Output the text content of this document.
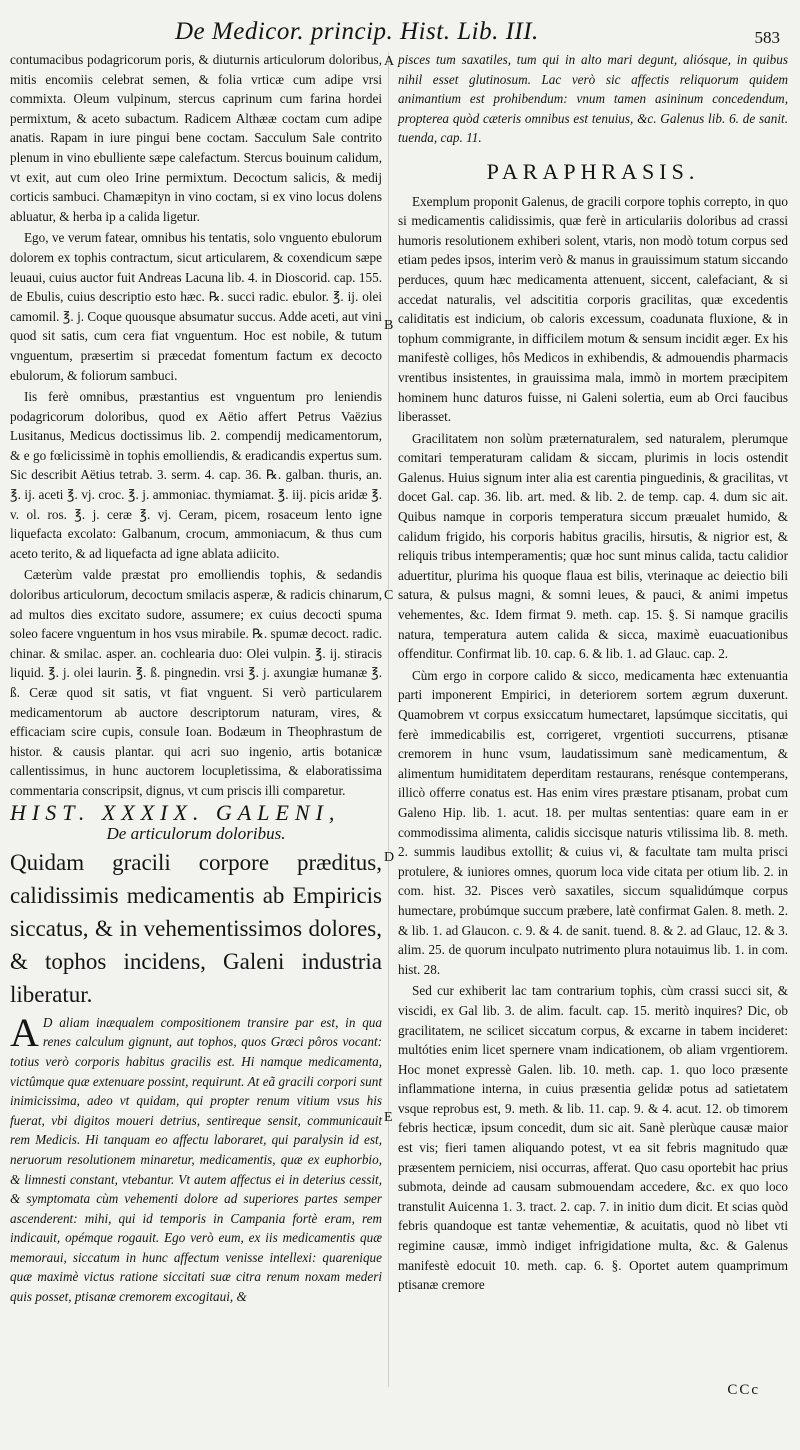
De Medicor. princip. Hist. Lib. III.	583
A
B
C
D
E

contumacibus podagricorum poris, & diuturnis articulorum doloribus, mitis encomiis celebrat semen, & folia vrticæ cum adipe vrsi commixta. Oleum vulpinum, stercus caprinum cum farina hordei permixtum, & aceto subactum. Radicem Althææ coctam cum adipe anatis. Rapam in iure pingui bene coctam. Sacculum Sale contrito plenum in vino ebulliente sæpe calefactum. Stercus bouinum calidum, vt exit, aut cum oleo Irine permixtum. Decoctum salicis, & medij corticis sambuci. Chamæpityn in vino coctam, si ex vino locus dolens abluatur, & herba ip a calida ligetur.

Ego, ve verum fatear, omnibus his tentatis, solo vnguento ebulorum dolorem ex tophis contractum, sicut articularem, & coxendicum sæpe leuaui, cuius auctor fuit Andreas Lacuna lib. 4. in Dioscorid. cap. 155. de Ebulis, cuius descriptio esto hæc. ℞. succi radic. ebulor. ℥. ij. olei camomil. ℥. j. Coque quousque absumatur succus. Adde aceti, aut vini quod sit satis, cum cera fiat vnguentum. Hoc est nobile, & tutum vnguentum, præsertim si præcedat fomentum factum ex decocto ebulorum, & foliorum sambuci.

Iis ferè omnibus, præstantius est vnguentum pro leniendis podagricorum doloribus, quod ex Aëtio affert Petrus Vaëzius Lusitanus, Medicus doctissimus lib. 2. compendij medicamentorum, & e go fœlicissimè in tophis emolliendis, & eradicandis expertus sum. Sic describit Aëtius tetrab. 3. serm. 4. cap. 36. ℞. galban. thuris, an. ℥. ij. aceti ℥. vj. croc. ℥. j. ammoniac. thymiamat. ℥. iij. picis aridæ ℥. v. ol. ros. ℥. j. ceræ ℥. vj. Ceram, picem, rosaceum lento igne liquefacta excolato: Galbanum, crocum, ammoniacum, & thus cum aceto terito, & ad liquefacta ad igne ablata adiicito.

Cæterùm valde præstat pro emolliendis tophis, & sedandis doloribus articulorum, decoctum smilacis asperæ, & radicis chinarum, ad multos dies excitato sudore, assumere; ex cuius decocti spuma soleo facere vnguentum in hos vsus mirabile. ℞. spumæ decoct. radic. chinar. & smilac. asper. an. cochlearia duo: Olei vulpin. ℥. ij. stiracis liquid. ℥. j. olei laurin. ℥. ß. pingnedin. vrsi ℥. j. axungiæ humanæ ℥. ß. Ceræ quod sit satis, vt fiat vnguent. Si verò particularem medicamentorum ab auctore descriptorum naturam, vires, & efficaciam scire cupis, consule Ioan. Bodæum in Theophrastum de histor. & causis plantar. qui acri suo ingenio, artis botanicæ callentissimus, in hunc auctorem locupletissima, & elaboratissima commentaria conscripsit, dignus, vt cum priscis illi comparetur.

HIST. XXXIX. GALENI,

De articulorum doloribus.

Quidam gracili corpore præditus, calidissimis medicamentis ab Empiricis siccatus, & in vehementissimos dolores, & tophos incidens, Galeni industria liberatur.

A D aliam inæqualem compositionem transire par est, in qua renes calculum gignunt, aut tophos, quos Græci pôros vocant: totius verò corporis habitus gracilis est. Hi namque medicamenta, victûmque quæ extenuare possint, requirunt. At eã gracili corpori sunt inimicissima, adeo vt quidam, qui propter renum vitium vsus his fuerat, vbi digitos moueri detrius, sentireque sensit, communicauit rem Medicis. Hi tanquam eo affectu laboraret, qui paralysin id est, neruorum resolutionem minaretur, medicamentis, quæ ex euphorbio, & limnesti constant, vtebantur. Vt autem affectus ei in deterius cessit, & symptomata cùm vehementi dolore ad superiores partes semper ascenderent: mihi, qui id temporis in Campania fortè eram, rem indicauit, opémque rogauit. Ego verò eum, ex iis medicamentis quæ memoraui, siccatum in hunc affectum venisse intellexi: quarenique quæ maximè victus ratione siccitati suæ citra renum noxam mederi quis posset, ptisanæ cremorem excogitaui, &

pisces tum saxatiles, tum qui in alto mari degunt, aliósque, in quibus nihil esset glutinosum. Lac verò sic affectis reliquorum quidem animantium est prohibendum: vnum tamen asininum concedendum, propterea quòd cæteris omnibus est tenuius, &c. Galenus lib. 6. de sanit. tuenda, cap. 11.

PARAPHRASIS.

Exemplum proponit Galenus, de gracili corpore tophis correpto, in quo si medicamentis calidissimis, quæ ferè in articulariis doloribus ad crassi humoris resolutionem exhiberi solent, vtaris, non modò totum corpus sed etiam pedes ipsos, interim verò & manus in grauissimum statum siccando perduces, quum hæc medicamenta attenuent, siccent, calefaciant, & si accedat naturalis, vel adscititia corporis gracilitas, quæ excedentis caliditatis est indicium, ob caloris excessum, coadunata fluxione, & in tophum commigrante, in difficilem motum & sensum incidit æger. Ex his manifestè colliges, hôs Medicos in exhibendis, & admouendis pharmacis vrentibus insistentes, in grauissima mala, immò in mortem præcipitem hominem hunc daturos fuisse, ni Galeni solertia, eum ab Orci faucibus liberasset.

Gracilitatem non solùm præternaturalem, sed naturalem, plerumque comitari temperaturam calidam & siccam, plurimis in locis ostendit Galenus. Huius signum inter alia est carentia pinguedinis, & gracilitas, vt docet Gal. cap. 36. lib. art. med. & lib. 2. de temp. cap. 4. dum sic ait. Quibus namque in corporis temperatura siccum præualet humido, & calidum frigido, his corporis habitus gracilis, hirsutis, & nigrior est, & reliquis tribus intemperamentis; quæ hoc sunt minus calida, tactu calidior aduertitur, plurima his quoque flaua est bilis, vterinaque ac deiectio bili satura, & pulsus magni, & somni leues, & pauci, & animi impetus vehementes, &c. Idem firmat 9. meth. cap. 15. §. Si namque gracilis natura, temperatura autem calida & sicca, maximè euacuationibus offenditur. Confirmat lib. 10. cap. 6. & lib. 1. ad Glauc. cap. 2.

Cùm ergo in corpore calido & sicco, medicamenta hæc extenuantia parti imponerent Empirici, in deteriorem sortem ægrum duxerunt. Quamobrem vt corpus exsiccatum humectaret, lapsúmque siccitatis, qui ferè immedicabilis est, corrigeret, vrgentioti succurrens, ptisanæ cremorem in hunc vsum, laudatissimum sanè medicamentum, & alimentum humiditatem deperditam restaurans, renésque contemperans, illicò offerre conatus est. Has enim vires præstare ptisanam, probat cum Galeno Hip. lib. 1. acut. 18. per multas sententias: quare eam in er commodissima alimenta, calidis siccisque naturis vtilissima lib. 8. meth. 2. summis laudibus extollit; & cuius vi, & facultate tam multa prisci protulere, & iuniores omnes, quorum loca vide citata per otium lib. 2. in com. hist. 32. Pisces verò saxatiles, siccum squalidúmque corpus humectare, probúmque succum præbere, latè confirmat Galen. 8. meth. 2. & lib. 1. ad Glaucon. c. 9. & 4. de sanit. tuend. 8. & 2. ad Glauc, 12. & 3. alim. 25. de quorum inculpato nutrimento plura notauimus lib. 1. in com. hist. 28.

Sed cur exhiberit lac tam contrarium tophis, cùm crassi succi sit, & viscidi, ex Gal lib. 3. de alim. facult. cap. 15. meritò inquires? Dic, ob gracilitatem, ne scilicet siccatum corpus, & excarne in tabem incideret: multóties enim licet spernere vnam indicationem, ob aliam vrgentiorem. Hoc monet expressè Galen. lib. 10. meth. cap. 1. quo loco præsente inflammatione interna, in cuius præsentia gelidæ potus ad satietatem vsque reprobus est, 9. meth. & lib. 11. cap. 9. & 4. acut. 12. ob timorem febris hecticæ, ipsum concedit, dum sic ait. Sanè plerùque causæ maior est vis; fieri tamen aliquando potest, vt ea sit febris magnitudo quæ præsentem perniciem, nisi occurras, afferat. Quo casu oportebit hac prius submota, deinde ad causam submouendam accedere, &c. ex quo loco transtulit Auicenna 1. 3. tract. 2. cap. 7. in initio dum dicit. Et scias quòd febris quandoque est tantæ vehementiæ, & acuitatis, quod nò libet vti regimine causæ, immò indiget infrigidatione multa, &c. & Galenus manifestè edocuit 10. meth. cap. 6. §. Oportet autem quamprimum ptisanæ cremore

CCc
